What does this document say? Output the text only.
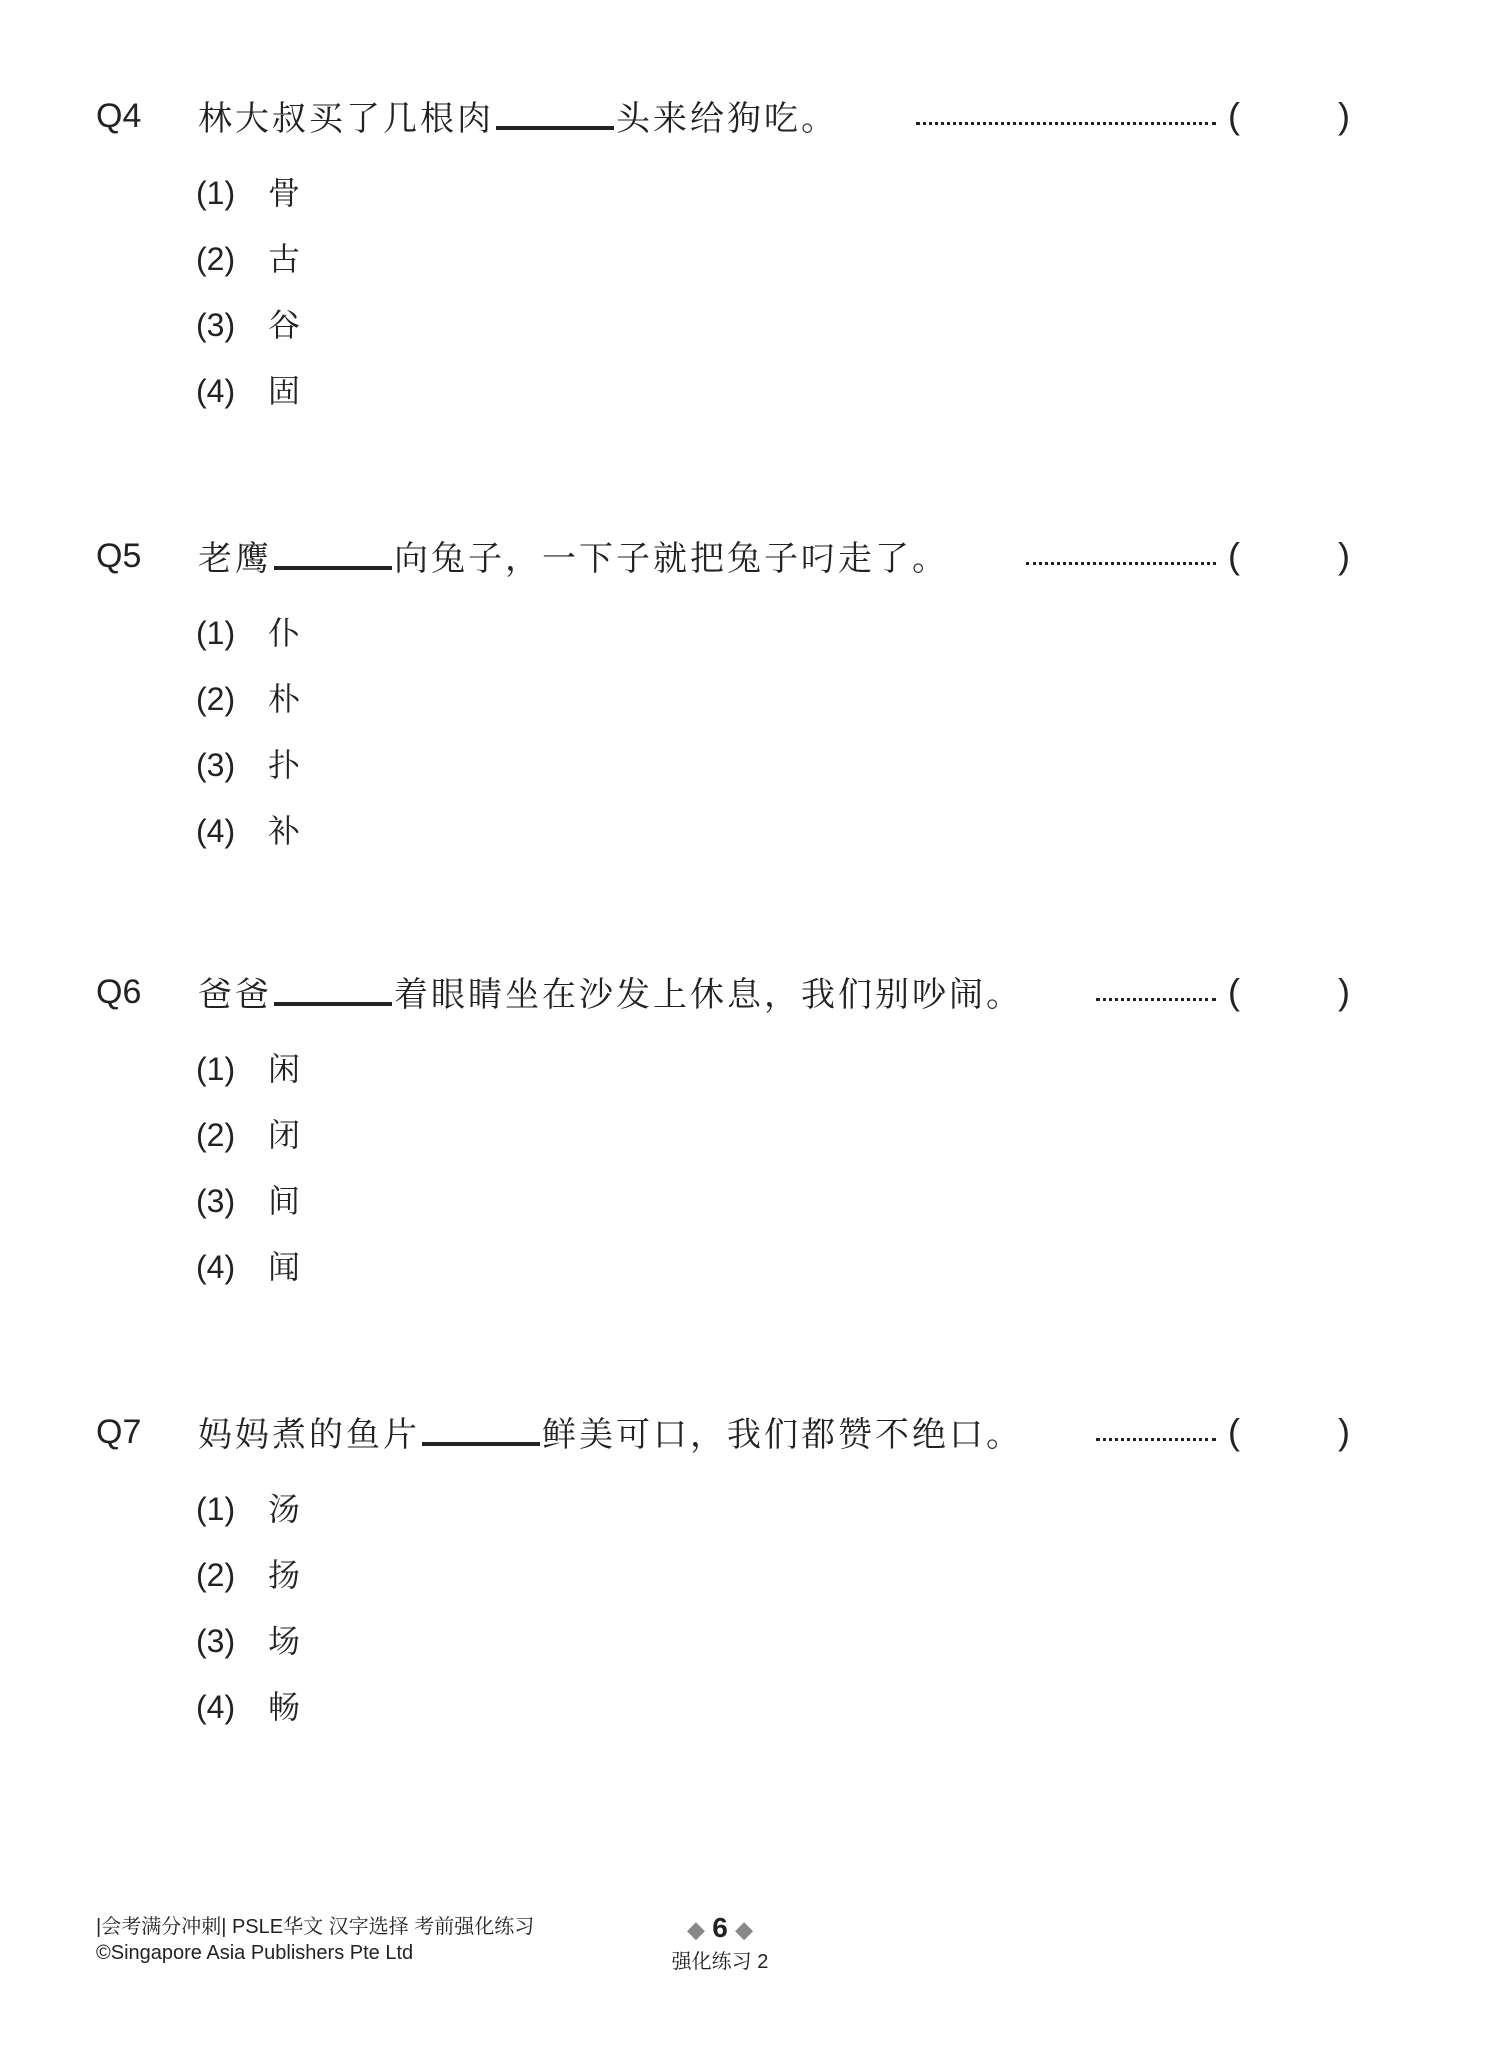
Q4 林大叔买了几根肉	头来给狗吃。	(	)
(1) 骨
(2) 古
(3) 谷
(4) 固
Q5 老鹰	向兔子，一下子就把兔子叼走了。	(	)
(1) 仆
(2) 朴
(3) 扑
(4) 补
Q6 爸爸	着眼睛坐在沙发上休息，我们别吵闹。	(	)
(1) 闲
(2) 闭
(3) 间
(4) 闻
Q7 妈妈煮的鱼片	鲜美可口，我们都赞不绝口。	(	)
(1) 汤
(2) 扬
(3) 场
(4) 畅
|会考满分冲刺| PSLE华文 汉字选择 考前强化练习
©Singapore Asia Publishers Pte Ltd
◆ 6 ◆
强化练习 2
